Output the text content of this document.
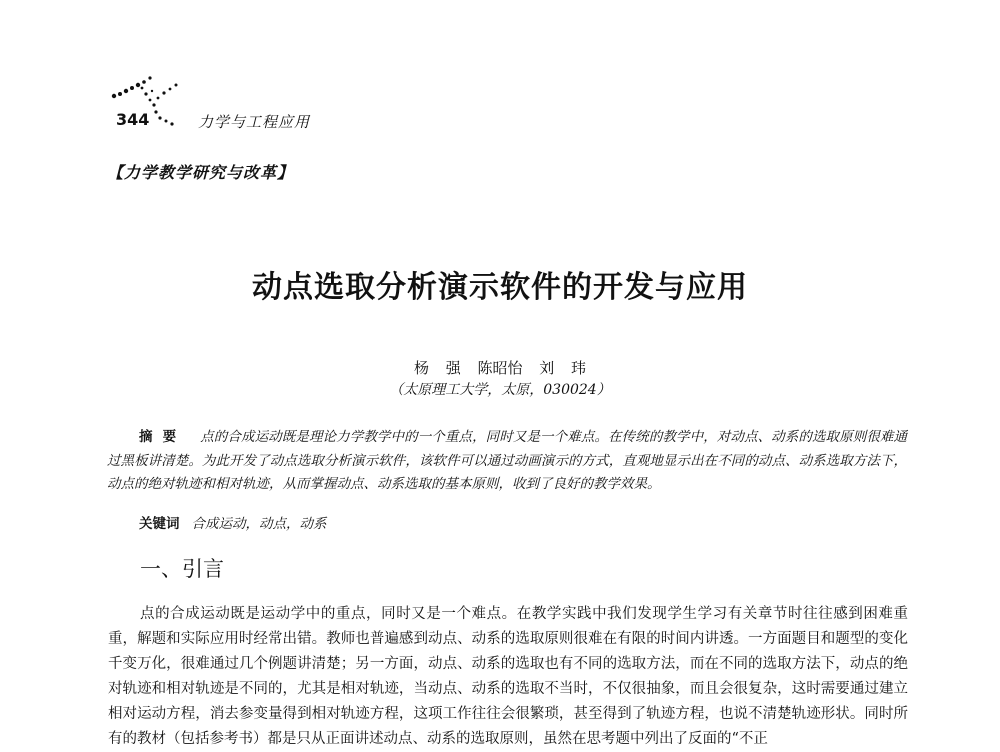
344	力学与工程应用
【力学教学研究与改革】
动点选取分析演示软件的开发与应用
杨 强 陈昭怡 刘 玮
（太原理工大学，太原，030024）
摘要 点的合成运动既是理论力学教学中的一个重点，同时又是一个难点。在传统的教学中，对动点、动系的选取原则很难通过黑板讲清楚。为此开发了动点选取分析演示软件，该软件可以通过动画演示的方式，直观地显示出在不同的动点、动系选取方法下，动点的绝对轨迹和相对轨迹，从而掌握动点、动系选取的基本原则，收到了良好的教学效果。
关键词 合成运动，动点，动系
一、引言
点的合成运动既是运动学中的重点，同时又是一个难点。在教学实践中我们发现学生学习有关章节时往往感到困难重重，解题和实际应用时经常出错。教师也普遍感到动点、动系的选取原则很难在有限的时间内讲透。一方面题目和题型的变化千变万化，很难通过几个例题讲清楚；另一方面，动点、动系的选取也有不同的选取方法，而在不同的选取方法下，动点的绝对轨迹和相对轨迹是不同的，尤其是相对轨迹，当动点、动系的选取不当时，不仅很抽象，而且会很复杂，这时需要通过建立相对运动方程，消去参变量得到相对轨迹方程，这项工作往往会很繁琐，甚至得到了轨迹方程，也说不清楚轨迹形状。同时所有的教材（包括参考书）都是只从正面讲述动点、动系的选取原则，虽然在思考题中列出了反面的“不正
